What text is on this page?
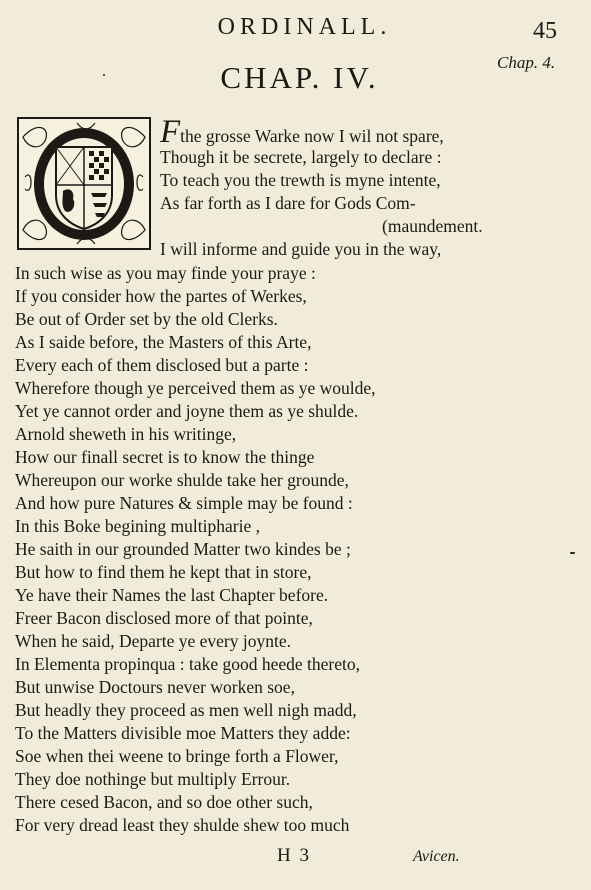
ORDINALL.	45
Chap. 4.
CHAP. IV.
Fthe grosse Warke now I wil not spare,
Though it be secrete, largely to declare :
To teach you the trewth is myne intente,
As far forth as I dare for Gods Com-
(maundement.
I will informe and guide you in the way,
In such wise as you may finde your praye :
If you consider how the partes of Werkes,
Be out of Order set by the old Clerks.
As I saide before, the Masters of this Arte,
Every each of them disclosed but a parte :
Wherefore though ye perceived them as ye woulde,
Yet ye cannot order and joyne them as ye shulde.
Arnold sheweth in his writinge,
How our finall secret is to know the thinge
Whereupon our worke shulde take her grounde,
And how pure Natures & simple may be found :
In this Boke begining multipharie ,
He saith in our grounded Matter two kindes be ;
But how to find them he kept that in store,
Ye have their Names the last Chapter before.
Freer Bacon disclosed more of that pointe,
When he said, Departe ye every joynte.
In Elementa propinqua : take good heede thereto,
But unwise Doctours never worken soe,
But headly they proceed as men well nigh madd,
To the Matters divisible moe Matters they adde:
Soe when thei weene to bringe forth a Flower,
They doe nothinge but multiply Errour.
There cesed Bacon, and so doe other such,
For very dread least they shulde shew too much
H 3	Avicen.
